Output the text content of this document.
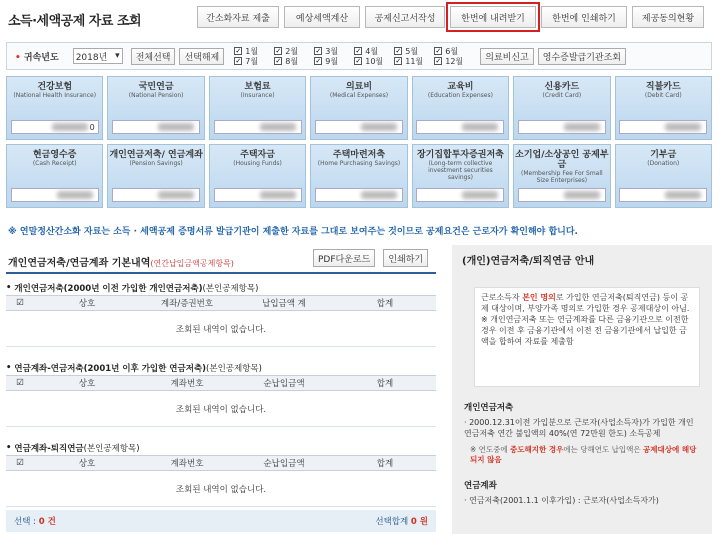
소득·세액공제 자료 조회	간소화자료 제출	예상세액계산	공제신고서작성	한번에 내려받기	한번에 인쇄하기	제공동의현황
• 귀속년도 2018년 ▾	전체선택	선택해제
✓ 1월 ✓ 2월 ✓ 3월 ✓ 4월 ✓ 5월 ✓ 6월
✓ 7월 ✓ 8월 ✓ 9월 ✓ 10월 ✓ 11월 ✓ 12월	의료비신고	영수증발급기관조회
건강보험
(National Health Insurance)
0
국민연금
(National Pension)
보험료
(Insurance)
의료비
(Medical Expenses)
교육비
(Education Expenses)
신용카드
(Credit Card)
직불카드
(Debit Card)
현금영수증
(Cash Receipt)
개인연금저축/ 연금계좌
(Pension Savings)
주택자금
(Housing Funds)
주택마련저축
(Home Purchasing Savings)
장기집합투자증권저축
(Long-term collective investment securities savings)
소기업/소상공인 공제부금
(Membership Fee For Small Size Enterprises)
기부금
(Donation)
※ 연말정산간소화 자료는 소득 · 세액공제 증명서류 발급기관이 제출한 자료를 그대로 보여주는 것이므로 공제요건은 근로자가 확인해야 합니다.
개인연금저축/연금계좌 기본내역(연간납입금액공제항목)	PDF다운로드	인쇄하기
• 개인연금저축(2000년 이전 가입한 개인연금저축) (본인공제항목)
☑	상호	계좌/증권번호	납입금액 계	합계
조회된 내역이 없습니다.
• 연금계좌-연금저축(2001년 이후 가입한 연금저축) (본인공제항목)
☑	상호	계좌번호	순납입금액	합계
조회된 내역이 없습니다.
• 연금계좌-퇴직연금 (본인공제항목)
☑	상호	계좌번호	순납입금액	합계
조회된 내역이 없습니다.
선택 : 0 건	선택합계 0 원
(개인)연금저축/퇴직연금 안내
근로소득자 본인 명의로 가입한 연금저축(퇴직연금) 등이 공제 대상이며, 부양가족 명의로 가입한 경우 공제대상이 아님.
※ 개인연금저축 또는 연금계좌를 다른 금융기관으로 이전한 경우 이전 후 금융기관에서 이전 전 금융기관에서 납입한 금액을 합하여 자료를 제출함
개인연금저축
· 2000.12.31이전 가입분으로 근로자(사업소득자)가 가입한 개인연금저축 연간 불입액의 40%(연 72만원 한도) 소득공제
※ 연도중에 중도해지한 경우에는 당해연도 납입액은 공제대상에 해당되지 않음
연금계좌
· 연금저축(2001.1.1 이후가입) : 근로자(사업소득자가)
